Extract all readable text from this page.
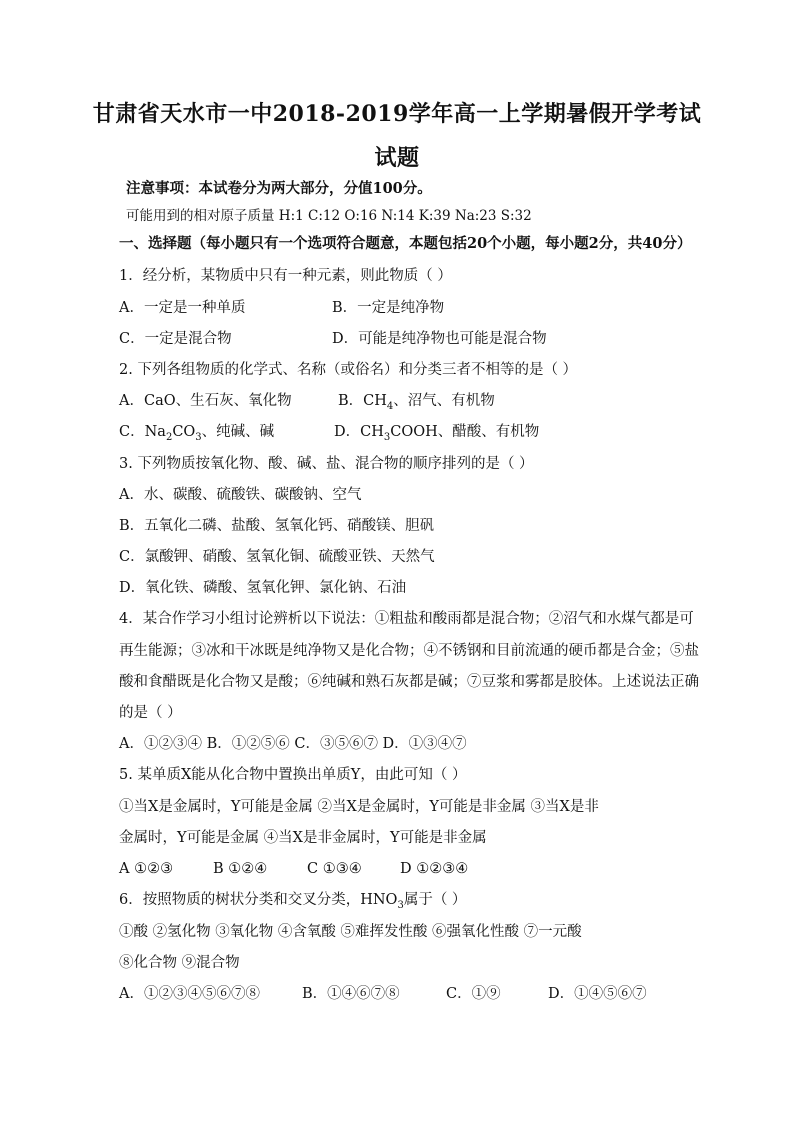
甘肃省天水市一中2018-2019学年高一上学期暑假开学考试
试题
注意事项：本试卷分为两大部分，分值100分。
可能用到的相对原子质量 H:1 C:12 O:16 N:14 K:39 Na:23 S:32
一、选择题（每小题只有一个选项符合题意，本题包括20个小题，每小题2分，共40分）
1．经分析，某物质中只有一种元素，则此物质（ ）
A．一定是一种单质	B．一定是纯净物
C．一定是混合物	D．可能是纯净物也可能是混合物
2. 下列各组物质的化学式、名称（或俗名）和分类三者不相等的是（ ）
A．CaO、生石灰、氧化物	B．$CH_4$、沼气、有机物
C．$Na_2CO_3$、纯碱、碱	D．$CH_3COOH$、醋酸、有机物
3. 下列物质按氧化物、酸、碱、盐、混合物的顺序排列的是（ ）
A．水、碳酸、硫酸铁、碳酸钠、空气
B．五氧化二磷、盐酸、氢氧化钙、硝酸镁、胆矾
C．氯酸钾、硝酸、氢氧化铜、硫酸亚铁、天然气
D．氧化铁、磷酸、氢氧化钾、氯化钠、石油
4．某合作学习小组讨论辨析以下说法：①粗盐和酸雨都是混合物；②沼气和水煤气都是可
再生能源；③冰和干冰既是纯净物又是化合物；④不锈钢和目前流通的硬币都是合金；⑤盐
酸和食醋既是化合物又是酸；⑥纯碱和熟石灰都是碱；⑦豆浆和雾都是胶体。上述说法正确
的是（ ）
A．①②③④ B．①②⑤⑥ C．③⑤⑥⑦ D．①③④⑦
5. 某单质X能从化合物中置换出单质Y，由此可知（ ）
①当X是金属时，Y可能是金属 ②当X是金属时，Y可能是非金属 ③当X是非
金属时，Y可能是金属 ④当X是非金属时，Y可能是非金属
A ①②③	B ①②④	C ①③④	D ①②③④
6．按照物质的树状分类和交叉分类，$HNO_3$属于（ ）
①酸 ②氢化物 ③氧化物 ④含氧酸 ⑤难挥发性酸 ⑥强氧化性酸 ⑦一元酸
⑧化合物 ⑨混合物
A．①②③④⑤⑥⑦⑧	B．①④⑥⑦⑧	C．①⑨	D．①④⑤⑥⑦
